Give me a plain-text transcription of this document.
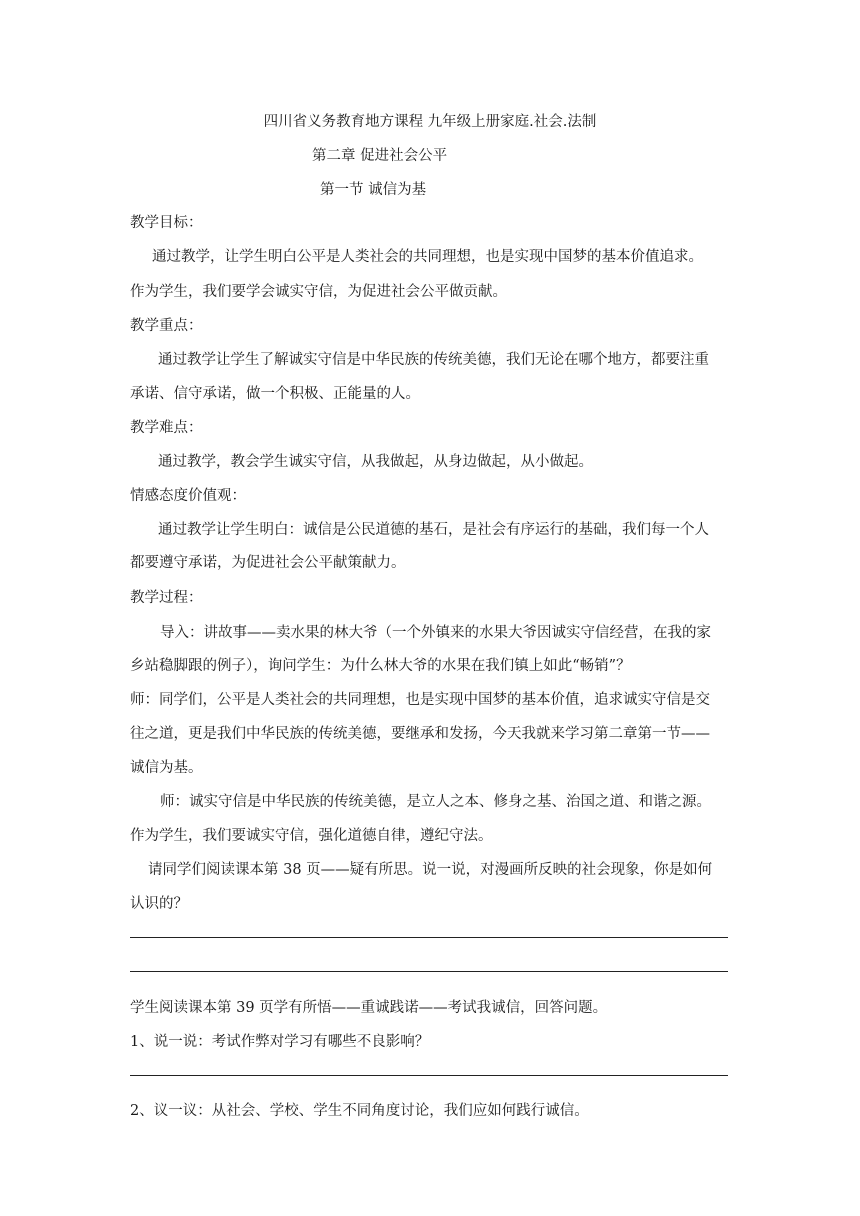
四川省义务教育地方课程 九年级上册家庭.社会.法制
第二章 促进社会公平
第一节 诚信为基
教学目标：
通过教学，让学生明白公平是人类社会的共同理想，也是实现中国梦的基本价值追求。
作为学生，我们要学会诚实守信，为促进社会公平做贡献。
教学重点：
通过教学让学生了解诚实守信是中华民族的传统美德，我们无论在哪个地方，都要注重
承诺、信守承诺，做一个积极、正能量的人。
教学难点：
通过教学，教会学生诚实守信，从我做起，从身边做起，从小做起。
情感态度价值观：
通过教学让学生明白：诚信是公民道德的基石，是社会有序运行的基础，我们每一个人
都要遵守承诺，为促进社会公平献策献力。
教学过程：
导入：讲故事——卖水果的林大爷（一个外镇来的水果大爷因诚实守信经营，在我的家
乡站稳脚跟的例子），询问学生：为什么林大爷的水果在我们镇上如此“畅销”？
师：同学们，公平是人类社会的共同理想，也是实现中国梦的基本价值，追求诚实守信是交
往之道，更是我们中华民族的传统美德，要继承和发扬，今天我就来学习第二章第一节——
诚信为基。
师：诚实守信是中华民族的传统美德，是立人之本、修身之基、治国之道、和谐之源。
作为学生，我们要诚实守信，强化道德自律，遵纪守法。
请同学们阅读课本第 38 页——疑有所思。说一说，对漫画所反映的社会现象，你是如何
认识的？
学生阅读课本第 39 页学有所悟——重诚践诺——考试我诚信，回答问题。
1、说一说：考试作弊对学习有哪些不良影响？
2、议一议：从社会、学校、学生不同角度讨论，我们应如何践行诚信。
